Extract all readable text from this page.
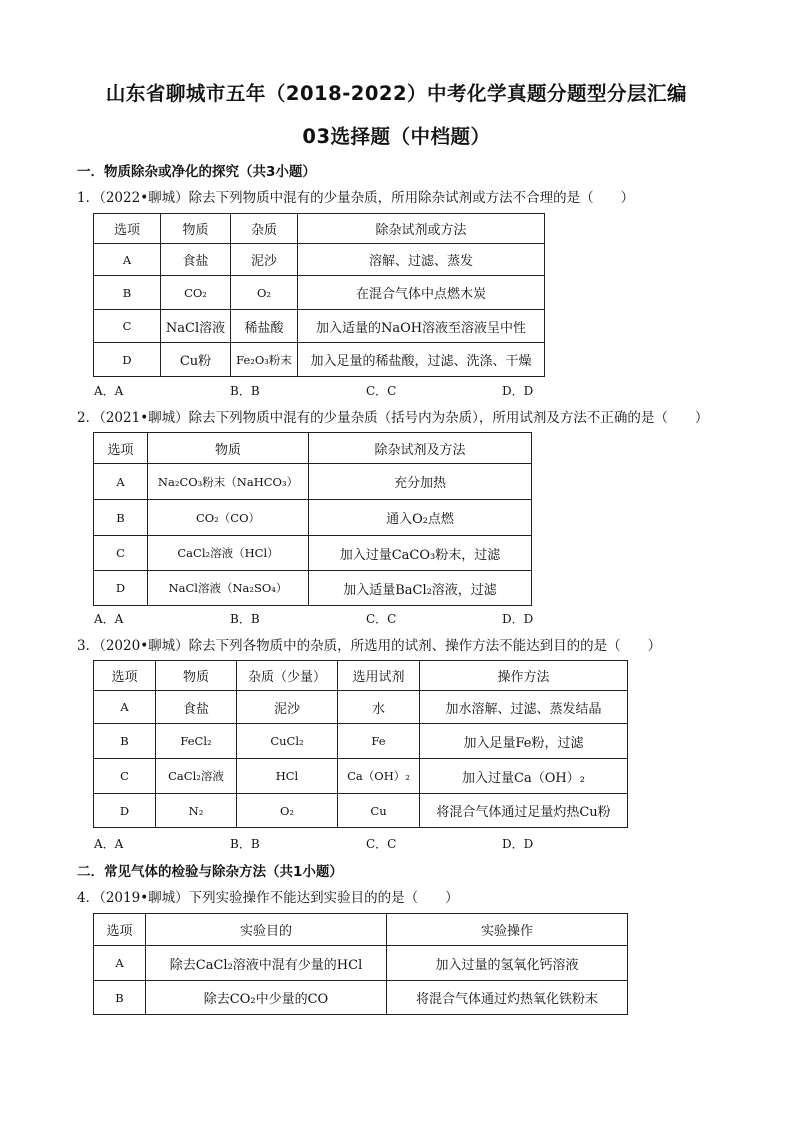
山东省聊城市五年（2018-2022）中考化学真题分题型分层汇编
03选择题（中档题）
一．物质除杂或净化的探究（共3小题）
1．（2022•聊城）除去下列物质中混有的少量杂质，所用除杂试剂或方法不合理的是（　　）
选项	物质	杂质	除杂试剂或方法
A	食盐	泥沙	溶解、过滤、蒸发
B	CO₂	O₂	在混合气体中点燃木炭
C	NaCl溶液	稀盐酸	加入适量的NaOH溶液至溶液呈中性
D	Cu粉	Fe₂O₃粉末	加入足量的稀盐酸，过滤、洗涤、干燥
A．A	B．B	C．C	D．D
2．（2021•聊城）除去下列物质中混有的少量杂质（括号内为杂质），所用试剂及方法不正确的是（　　）
选项	物质	除杂试剂及方法
A	Na₂CO₃粉末（NaHCO₃）	充分加热
B	CO₂（CO）	通入O₂点燃
C	CaCl₂溶液（HCl）	加入过量CaCO₃粉末，过滤
D	NaCl溶液（Na₂SO₄）	加入适量BaCl₂溶液，过滤
A．A	B．B	C．C	D．D
3．（2020•聊城）除去下列各物质中的杂质，所选用的试剂、操作方法不能达到目的的是（　　）
选项	物质	杂质（少量）	选用试剂	操作方法
A	食盐	泥沙	水	加水溶解、过滤、蒸发结晶
B	FeCl₂	CuCl₂	Fe	加入足量Fe粉，过滤
C	CaCl₂溶液	HCl	Ca（OH）₂	加入过量Ca（OH）₂
D	N₂	O₂	Cu	将混合气体通过足量灼热Cu粉
A．A	B．B	C．C	D．D
二．常见气体的检验与除杂方法（共1小题）
4．（2019•聊城）下列实验操作不能达到实验目的的是（　　）
选项	实验目的	实验操作
A	除去CaCl₂溶液中混有少量的HCl	加入过量的氢氧化钙溶液
B	除去CO₂中少量的CO	将混合气体通过灼热氧化铁粉末
